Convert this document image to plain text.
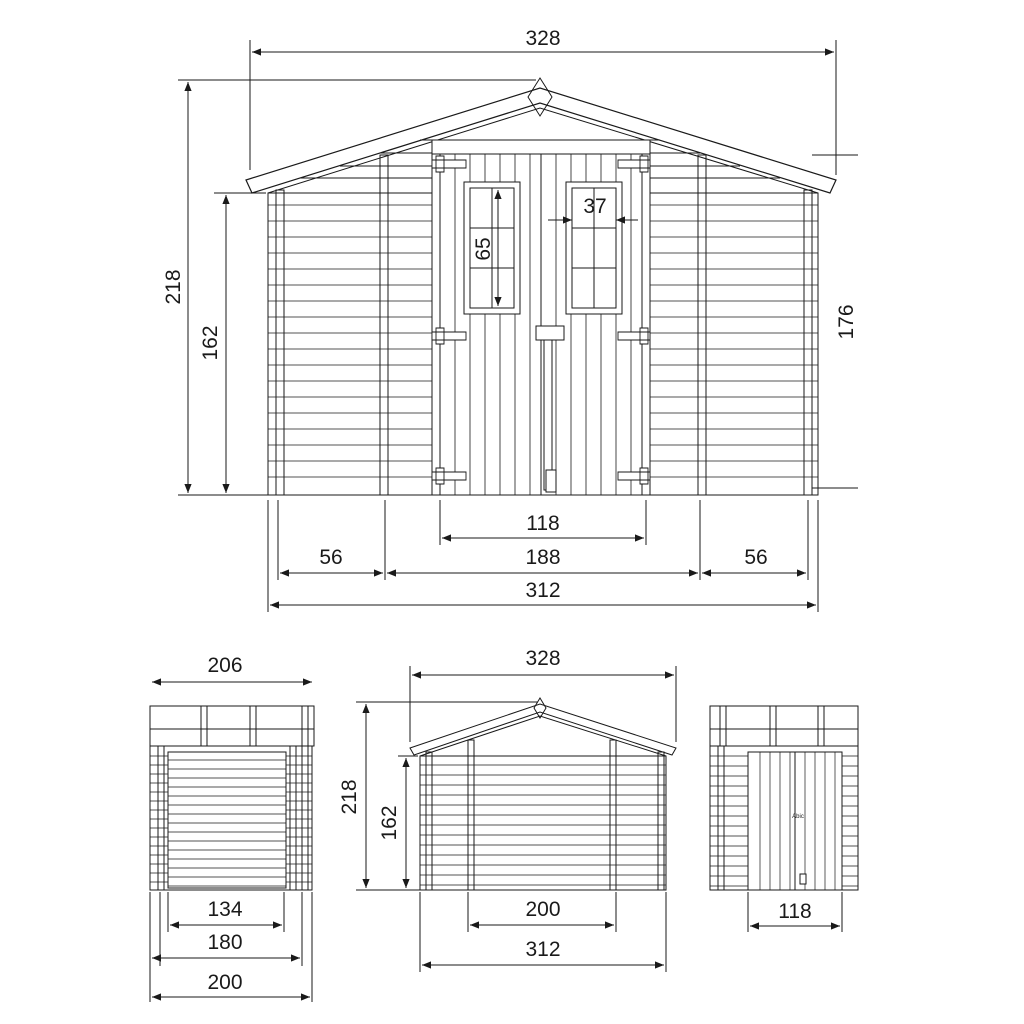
328
218
162
176
65
37
118
56	188	56
312
206
134
180
200
328
218
162
200
312
Abic
118
